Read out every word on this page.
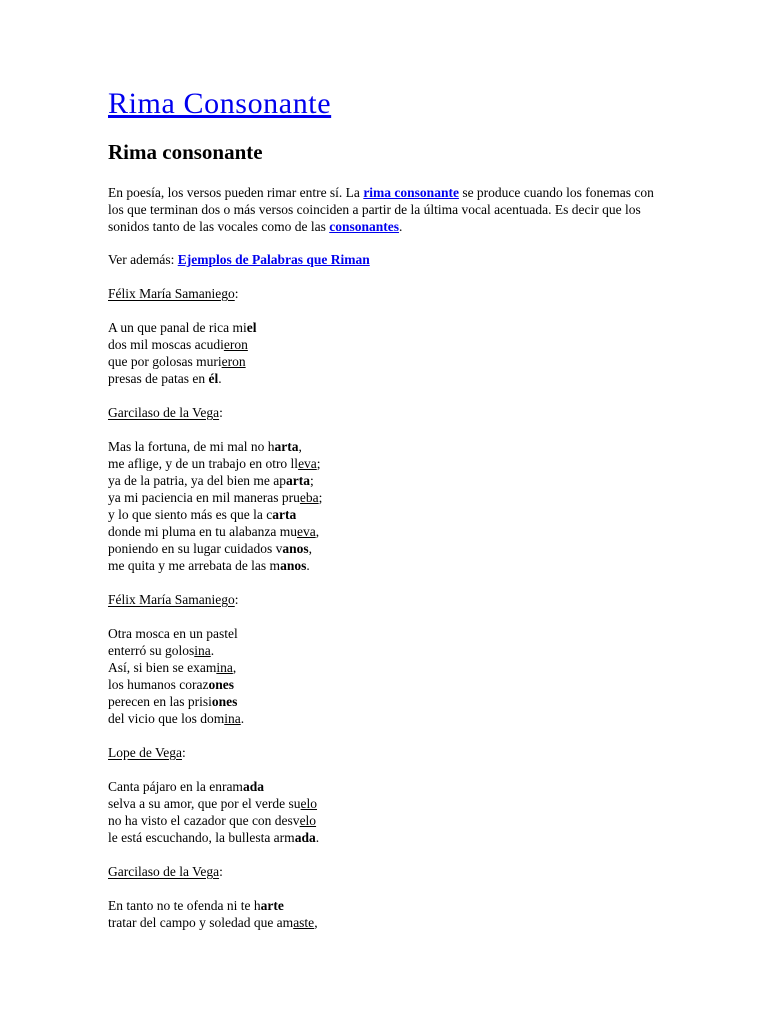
Rima Consonante
Rima consonante

En poesía, los versos pueden rimar entre sí. La rima consonante se produce cuando los fonemas con los que terminan dos o más versos coinciden a partir de la última vocal acentuada. Es decir que los sonidos tanto de las vocales como de las consonantes.

Ver además: Ejemplos de Palabras que Riman

Félix María Samaniego:

A un que panal de rica miel
dos mil moscas acudieron
que por golosas murieron
presas de patas en él.

Garcilaso de la Vega:

Mas la fortuna, de mi mal no harta,
me aflige, y de un trabajo en otro lleva;
ya de la patria, ya del bien me aparta;
ya mi paciencia en mil maneras prueba;
y lo que siento más es que la carta
donde mi pluma en tu alabanza mueva,
poniendo en su lugar cuidados vanos,
me quita y me arrebata de las manos.

Félix María Samaniego:

Otra mosca en un pastel
enterró su golosina.
Así, si bien se examina,
los humanos corazones
perecen en las prisiones
del vicio que los domina.

Lope de Vega:

Canta pájaro en la enramada
selva a su amor, que por el verde suelo
no ha visto el cazador que con desvelo
le está escuchando, la bullesta armada.

Garcilaso de la Vega:

En tanto no te ofenda ni te harte
tratar del campo y soledad que amaste,
